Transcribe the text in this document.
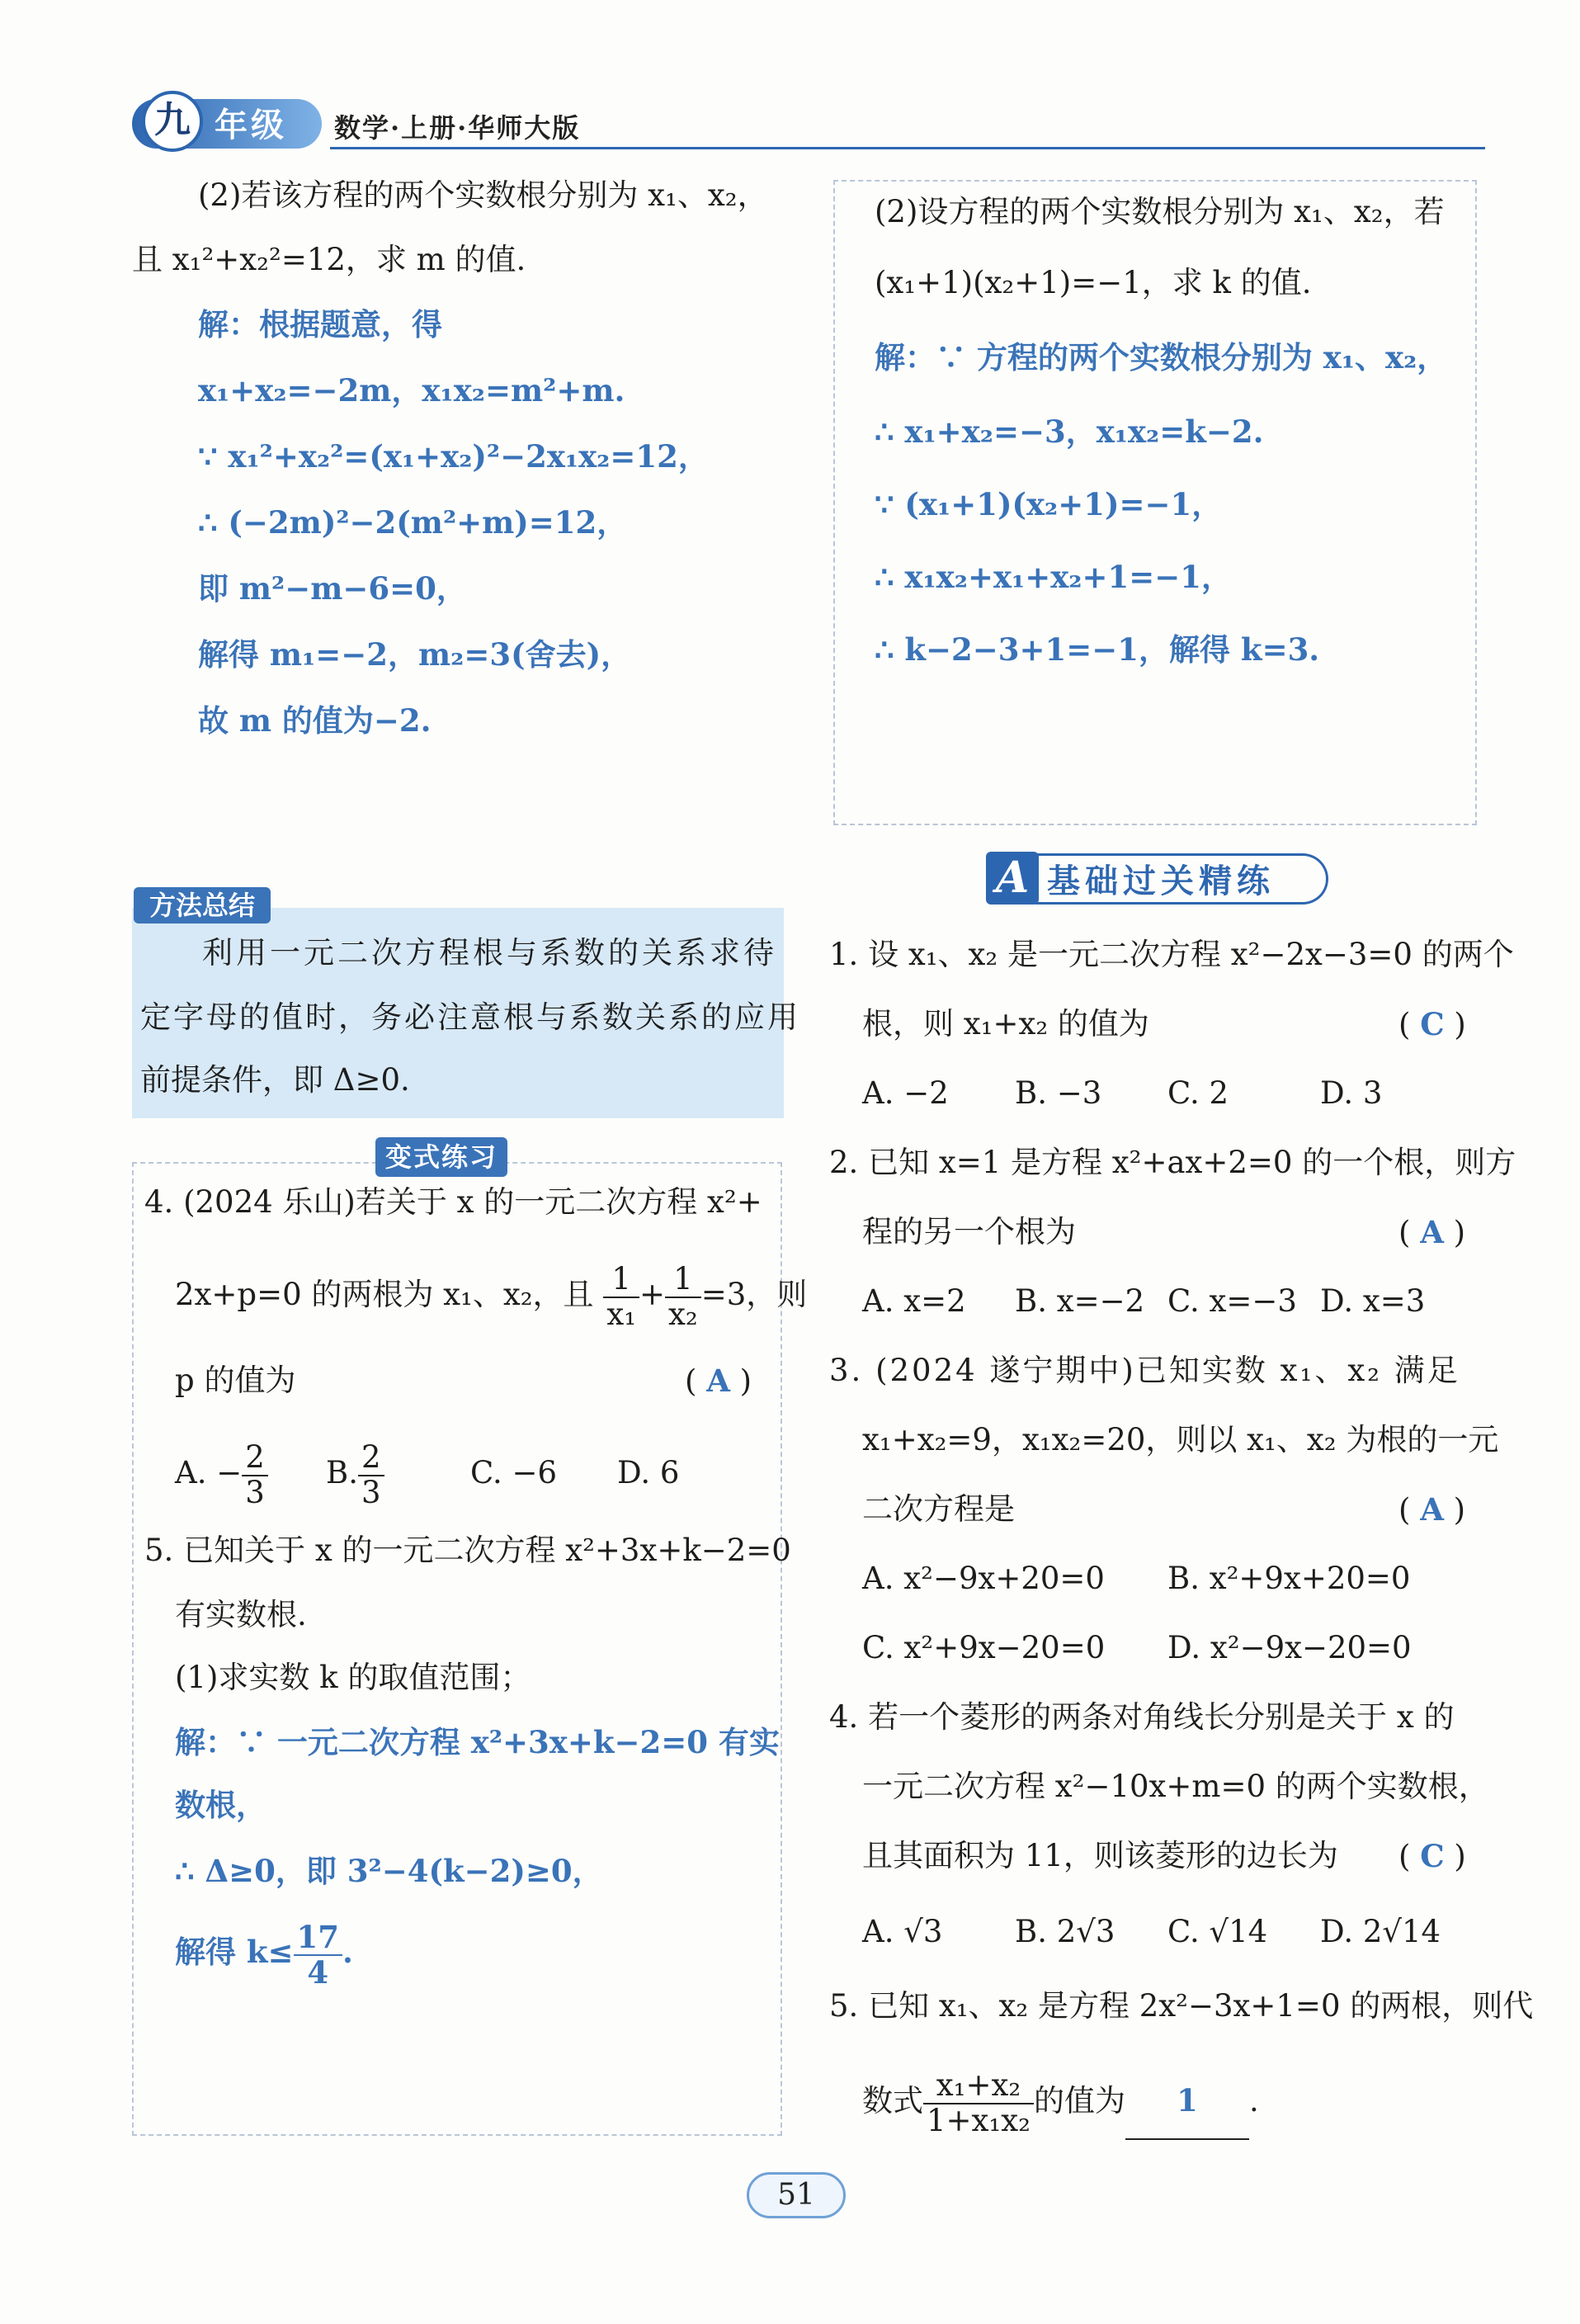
九 年级 数学·上册·华师大版
(2)若该方程的两个实数根分别为 x₁、x₂，
且 x₁²+x₂²=12，求 m 的值.
解：根据题意，得
x₁+x₂=−2m，x₁x₂=m²+m.
∵ x₁²+x₂²=(x₁+x₂)²−2x₁x₂=12，
∴ (−2m)²−2(m²+m)=12，
即 m²−m−6=0，
解得 m₁=−2，m₂=3(舍去)，
故 m 的值为−2.
(2)设方程的两个实数根分别为 x₁、x₂，若
(x₁+1)(x₂+1)=−1，求 k 的值.
解：∵ 方程的两个实数根分别为 x₁、x₂，
∴ x₁+x₂=−3，x₁x₂=k−2.
∵ (x₁+1)(x₂+1)=−1，
∴ x₁x₂+x₁+x₂+1=−1，
∴ k−2−3+1=−1，解得 k=3.
方法总结
利用一元二次方程根与系数的关系求待
定字母的值时，务必注意根与系数关系的应用
前提条件，即 Δ≥0.
变式练习
4. (2024 乐山)若关于 x 的一元二次方程 x²+
2x+p=0 的两根为 x₁、x₂，且 $\frac{1}{\text{x₁}} + \frac{1}{\text{x₂}} =3$，则
p 的值为	( A )
A. − $\frac{2}{3} B$. $\frac{2}{3}$	C. −6 D. 6
5. 已知关于 x 的一元二次方程 x²+3x+k−2=0
有实数根.
(1)求实数 k 的取值范围；
解：∵ 一元二次方程 x²+3x+k−2=0 有实
数根，
∴ Δ≥0，即 3²−4(k−2)≥0，
解得 $k\le \frac{17}{4}$ .
A 基础过关精练
1. 设 x₁、x₂ 是一元二次方程 x²−2x−3=0 的两个
根，则 x₁+x₂ 的值为	( C )
A. −2 B. −3 C. 2	D. 3
2. 已知 x=1 是方程 x²+ax+2=0 的一个根，则方
程的另一个根为	( A )
A. x=2 B. x=−2 C. x=−3 D. x=3
3. (2024 遂宁期中)已知实数 x₁、x₂ 满足
x₁+x₂=9，x₁x₂=20，则以 x₁、x₂ 为根的一元
二次方程是	( A )
A. x²−9x+20=0 B. x²+9x+20=0
C. x²+9x−20=0 D. x²−9x−20=0
4. 若一个菱形的两条对角线长分别是关于 x 的
一元二次方程 x²−10x+m=0 的两个实数根，
且其面积为 11，则该菱形的边长为 ( C )
A. √3 B. 2√3 C. √14 D. 2√14
5. 已知 x₁、x₂ 是方程 2x²−3x+1=0 的两根，则代
数式 $\frac{\text{x₁+x₂}}{\text{1+x₁x₂}}$ 的值为 1 .
51
